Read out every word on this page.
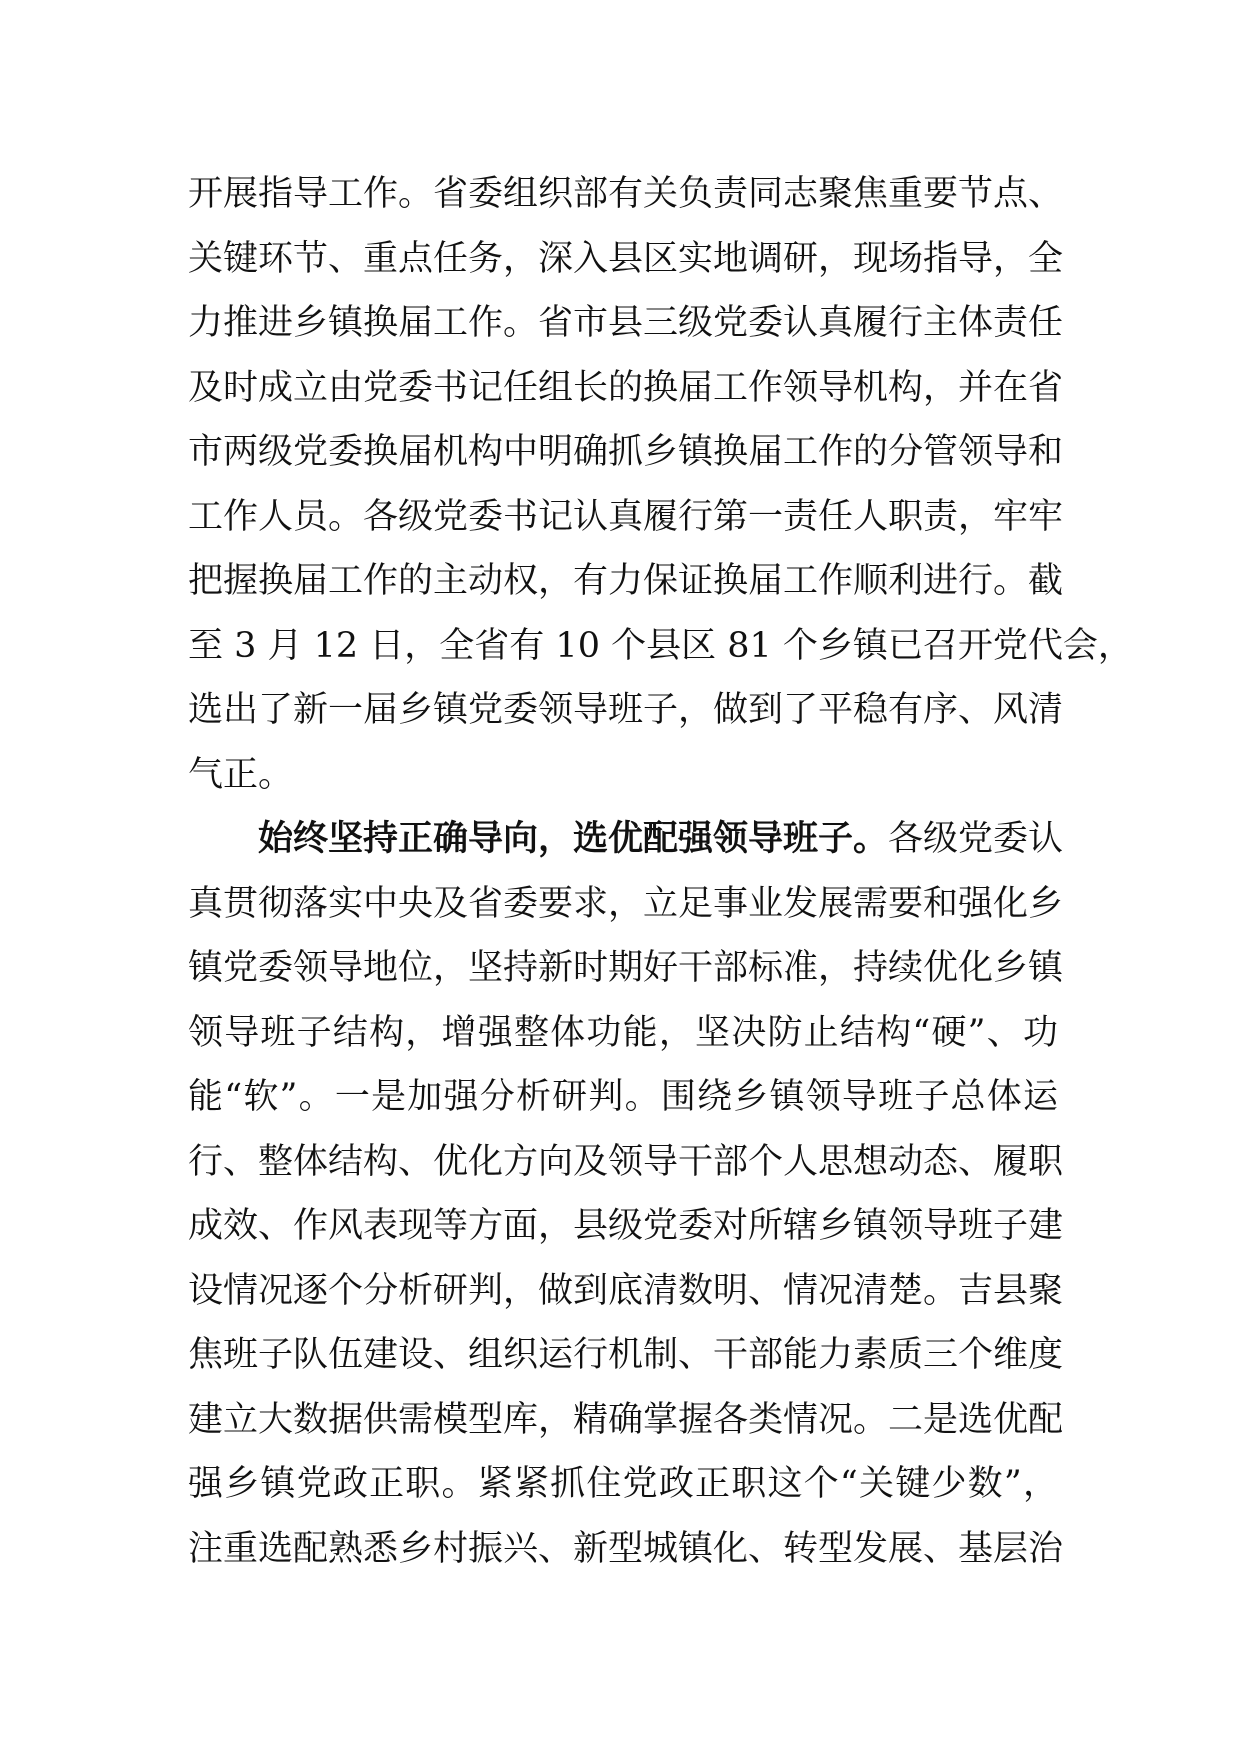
开展指导工作。省委组织部有关负责同志聚焦重要节点、
关键环节、重点任务，深入县区实地调研，现场指导，全
力推进乡镇换届工作。省市县三级党委认真履行主体责任
及时成立由党委书记任组长的换届工作领导机构，并在省
市两级党委换届机构中明确抓乡镇换届工作的分管领导和
工作人员。各级党委书记认真履行第一责任人职责，牢牢
把握换届工作的主动权，有力保证换届工作顺利进行。截
至 3 月 12 日，全省有 10 个县区 81 个乡镇已召开党代会，
选出了新一届乡镇党委领导班子，做到了平稳有序、风清
气正。
始终坚持正确导向，选优配强领导班子。各级党委认
真贯彻落实中央及省委要求，立足事业发展需要和强化乡
镇党委领导地位，坚持新时期好干部标准，持续优化乡镇
领导班子结构，增强整体功能，坚决防止结构“硬”、功
能“软”。一是加强分析研判。围绕乡镇领导班子总体运
行、整体结构、优化方向及领导干部个人思想动态、履职
成效、作风表现等方面，县级党委对所辖乡镇领导班子建
设情况逐个分析研判，做到底清数明、情况清楚。吉县聚
焦班子队伍建设、组织运行机制、干部能力素质三个维度
建立大数据供需模型库，精确掌握各类情况。二是选优配
强乡镇党政正职。紧紧抓住党政正职这个“关键少数”，
注重选配熟悉乡村振兴、新型城镇化、转型发展、基层治
